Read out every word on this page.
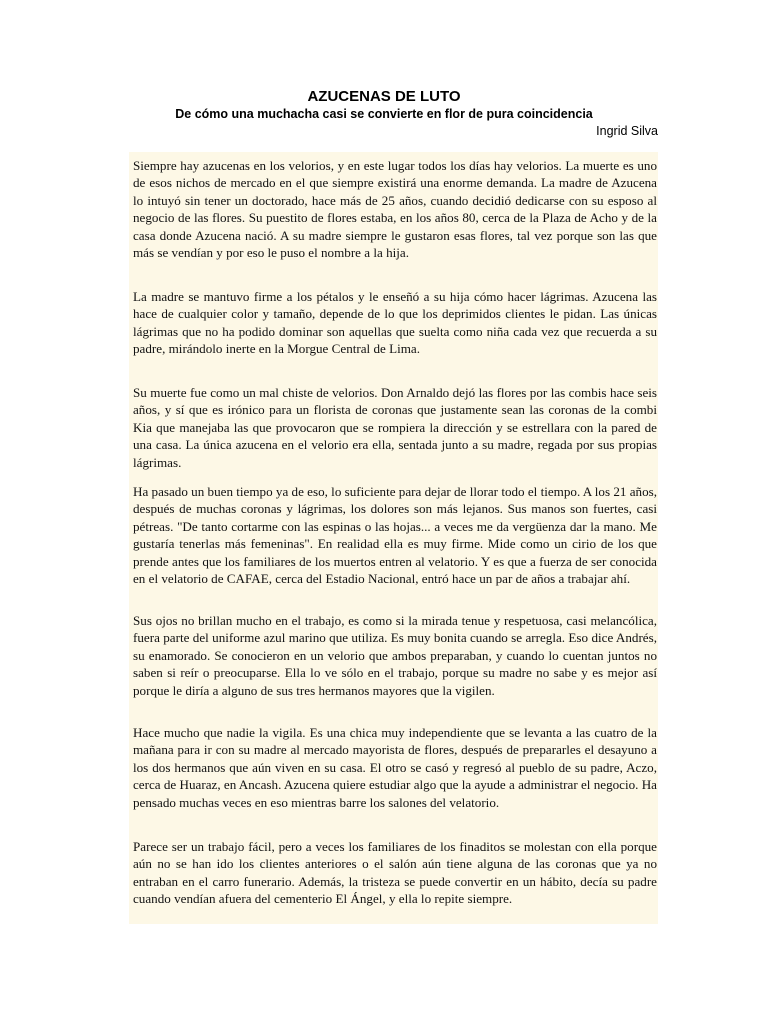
AZUCENAS DE LUTO
De cómo una muchacha casi se convierte en flor de pura coincidencia
Ingrid Silva

Siempre hay azucenas en los velorios, y en este lugar todos los días hay velorios. La muerte es uno de esos nichos de mercado en el que siempre existirá una enorme demanda. La madre de Azucena lo intuyó sin tener un doctorado, hace más de 25 años, cuando decidió dedicarse con su esposo al negocio de las flores. Su puestito de flores estaba, en los años 80, cerca de la Plaza de Acho y de la casa donde Azucena nació. A su madre siempre le gustaron esas flores, tal vez porque son las que más se vendían y por eso le puso el nombre a la hija.

La madre se mantuvo firme a los pétalos y le enseñó a su hija cómo hacer lágrimas. Azucena las hace de cualquier color y tamaño, depende de lo que los deprimidos clientes le pidan. Las únicas lágrimas que no ha podido dominar son aquellas que suelta como niña cada vez que recuerda a su padre, mirándolo inerte en la Morgue Central de Lima.

Su muerte fue como un mal chiste de velorios. Don Arnaldo dejó las flores por las combis hace seis años, y sí que es irónico para un florista de coronas que justamente sean las coronas de la combi Kia que manejaba las que provocaron que se rompiera la dirección y se estrellara con la pared de una casa. La única azucena en el velorio era ella, sentada junto a su madre, regada por sus propias lágrimas.

Ha pasado un buen tiempo ya de eso, lo suficiente para dejar de llorar todo el tiempo. A los 21 años, después de muchas coronas y lágrimas, los dolores son más lejanos. Sus manos son fuertes, casi pétreas. "De tanto cortarme con las espinas o las hojas... a veces me da vergüenza dar la mano. Me gustaría tenerlas más femeninas". En realidad ella es muy firme. Mide como un cirio de los que prende antes que los familiares de los muertos entren al velatorio. Y es que a fuerza de ser conocida en el velatorio de CAFAE, cerca del Estadio Nacional, entró hace un par de años a trabajar ahí.

Sus ojos no brillan mucho en el trabajo, es como si la mirada tenue y respetuosa, casi melancólica, fuera parte del uniforme azul marino que utiliza. Es muy bonita cuando se arregla. Eso dice Andrés, su enamorado. Se conocieron en un velorio que ambos preparaban, y cuando lo cuentan juntos no saben si reír o preocuparse. Ella lo ve sólo en el trabajo, porque su madre no sabe y es mejor así porque le diría a alguno de sus tres hermanos mayores que la vigilen.

Hace mucho que nadie la vigila. Es una chica muy independiente que se levanta a las cuatro de la mañana para ir con su madre al mercado mayorista de flores, después de prepararles el desayuno a los dos hermanos que aún viven en su casa. El otro se casó y regresó al pueblo de su padre, Aczo, cerca de Huaraz, en Ancash. Azucena quiere estudiar algo que la ayude a administrar el negocio. Ha pensado muchas veces en eso mientras barre los salones del velatorio.

Parece ser un trabajo fácil, pero a veces los familiares de los finaditos se molestan con ella porque aún no se han ido los clientes anteriores o el salón aún tiene alguna de las coronas que ya no entraban en el carro funerario. Además, la tristeza se puede convertir en un hábito, decía su padre cuando vendían afuera del cementerio El Ángel, y ella lo repite siempre.
